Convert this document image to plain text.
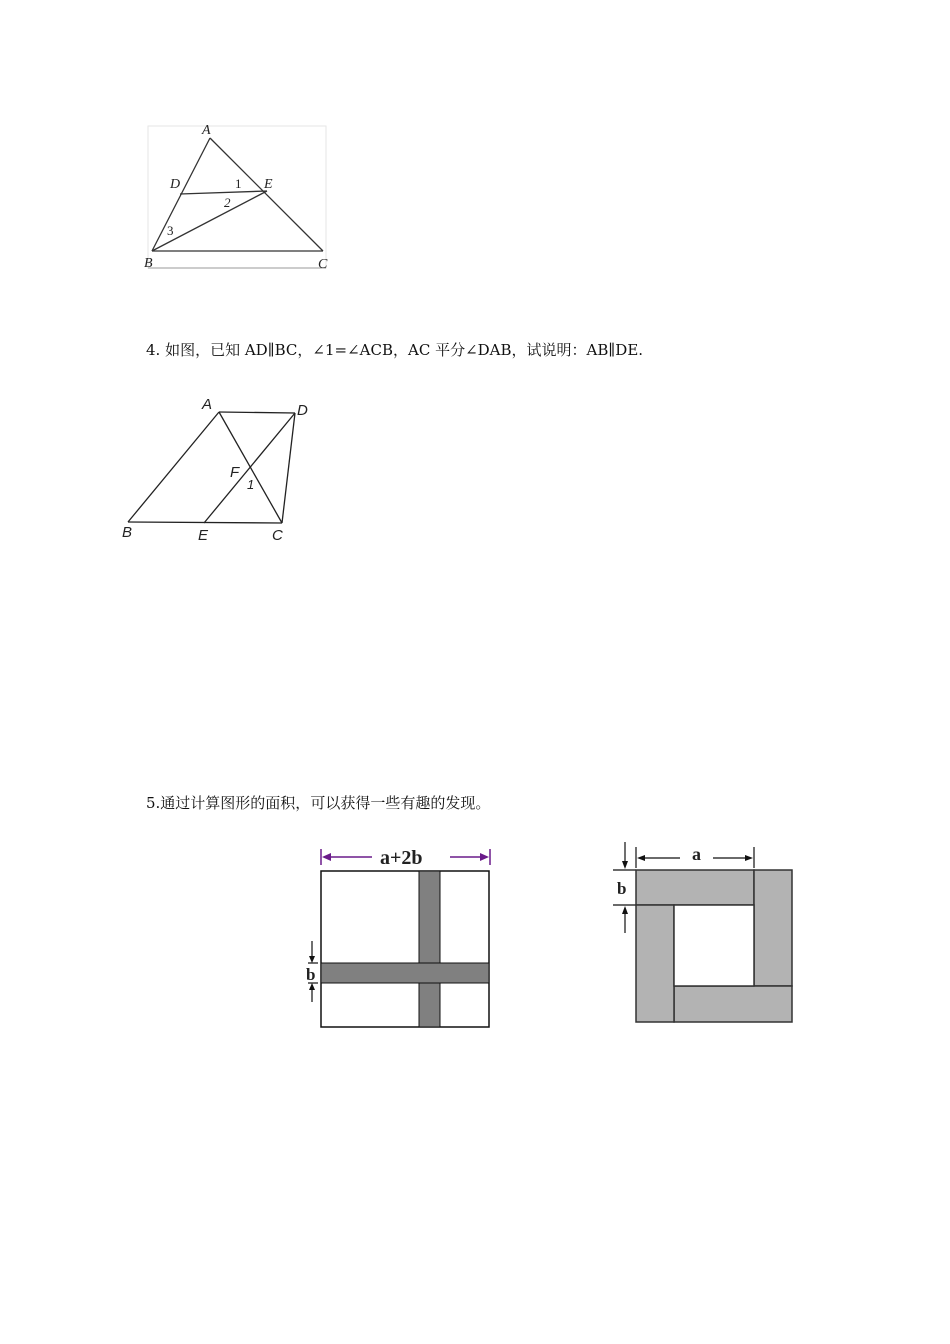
A
D	E
B	C
1
2
3
4. 如图，已知 AD∥BC，∠1=∠ACB，AC 平分∠DAB，试说明：AB∥DE.
A	D
F
1
B	E	C
5.通过计算图形的面积，可以获得一些有趣的发现。
a+2b
b
a
b
